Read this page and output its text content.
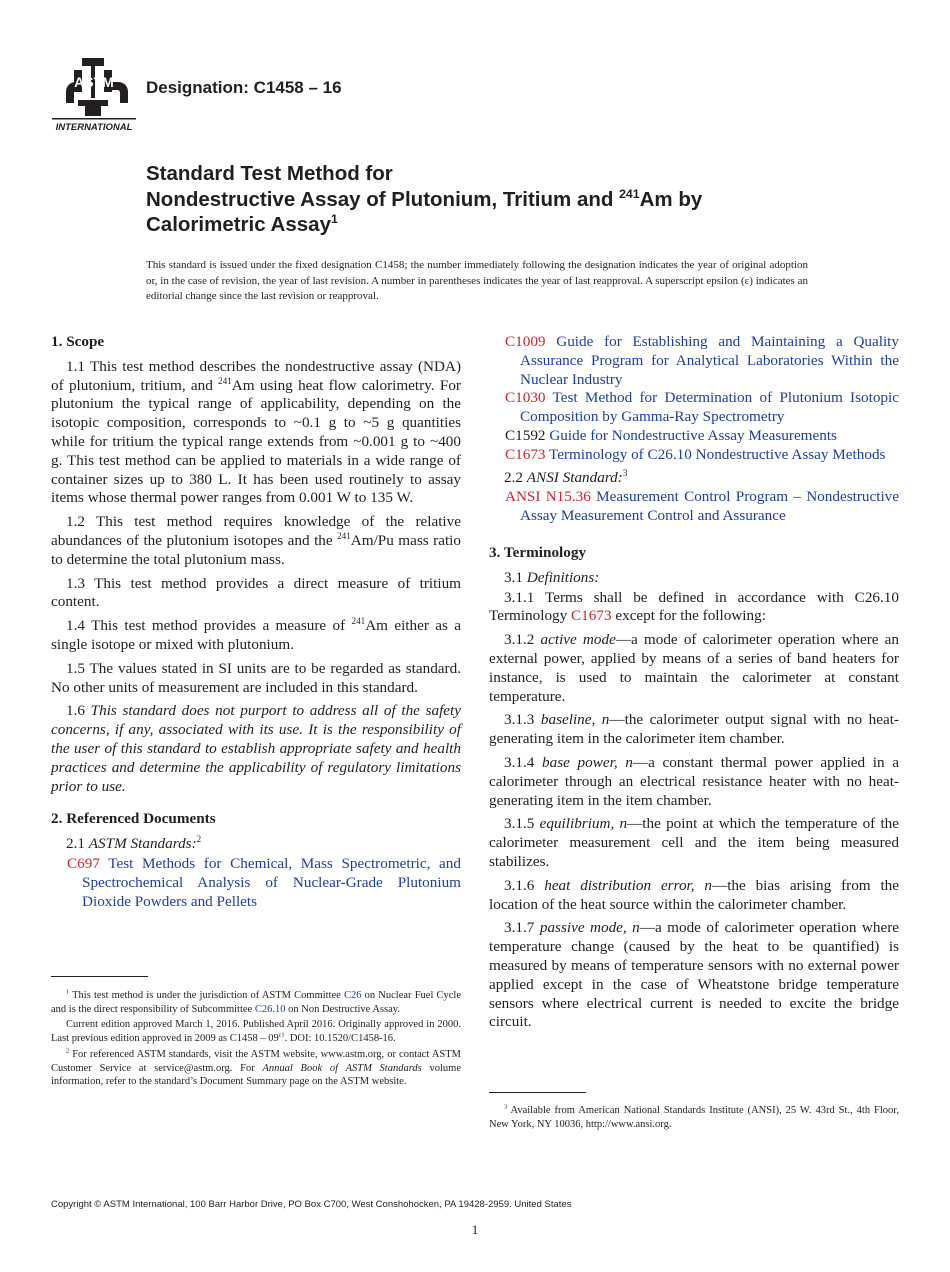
ASTM
INTERNATIONAL
Designation: C1458 – 16
Standard Test Method for
Nondestructive Assay of Plutonium, Tritium and $^{241}$Am by
Calorimetric Assay$^1$
This standard is issued under the fixed designation C1458; the number immediately following the designation indicates the year of original adoption or, in the case of revision, the year of last revision. A number in parentheses indicates the year of last reapproval. A superscript epsilon (ε) indicates an editorial change since the last revision or reapproval.
1. Scope

1.1 This test method describes the nondestructive assay (NDA) of plutonium, tritium, and $^{241}$Am using heat flow calorimetry. For plutonium the typical range of applicability, depending on the isotopic composition, corresponds to ~0.1 g to ~5 g quantities while for tritium the typical range extends from ~0.001 g to ~400 g. This test method can be applied to materials in a wide range of container sizes up to 380 L. It has been used routinely to assay items whose thermal power ranges from 0.001 W to 135 W.

1.2 This test method requires knowledge of the relative abundances of the plutonium isotopes and the $^{241}$Am/Pu mass ratio to determine the total plutonium mass.

1.3 This test method provides a direct measure of tritium content.

1.4 This test method provides a measure of $^{241}$Am either as a single isotope or mixed with plutonium.

1.5 The values stated in SI units are to be regarded as standard. No other units of measurement are included in this standard.

1.6 This standard does not purport to address all of the safety concerns, if any, associated with its use. It is the responsibility of the user of this standard to establish appropriate safety and health practices and determine the applicability of regulatory limitations prior to use.

2. Referenced Documents

2.1 ASTM Standards:$^2$

C697 Test Methods for Chemical, Mass Spectrometric, and Spectrochemical Analysis of Nuclear-Grade Plutonium Dioxide Powders and Pellets

C1009 Guide for Establishing and Maintaining a Quality Assurance Program for Analytical Laboratories Within the Nuclear Industry

C1030 Test Method for Determination of Plutonium Isotopic Composition by Gamma-Ray Spectrometry

C1592 Guide for Nondestructive Assay Measurements

C1673 Terminology of C26.10 Nondestructive Assay Methods

2.2 ANSI Standard:$^3$

ANSI N15.36 Measurement Control Program – Nondestructive Assay Measurement Control and Assurance

3. Terminology

3.1 Definitions:

3.1.1 Terms shall be defined in accordance with C26.10 Terminology C1673 except for the following:

3.1.2 active mode—a mode of calorimeter operation where an external power, applied by means of a series of band heaters for instance, is used to maintain the calorimeter at constant temperature.

3.1.3 baseline, n—the calorimeter output signal with no heat-generating item in the calorimeter item chamber.

3.1.4 base power, n—a constant thermal power applied in a calorimeter through an electrical resistance heater with no heat-generating item in the item chamber.

3.1.5 equilibrium, n—the point at which the temperature of the calorimeter measurement cell and the item being measured stabilizes.

3.1.6 heat distribution error, n—the bias arising from the location of the heat source within the calorimeter chamber.

3.1.7 passive mode, n—a mode of calorimeter operation where temperature change (caused by the heat to be quantified) is measured by means of temperature sensors with no external power applied except in the case of Wheatstone bridge temperature sensors where electrical current is needed to excite the bridge circuit.

$^1$ This test method is under the jurisdiction of ASTM Committee C26 on Nuclear Fuel Cycle and is the direct responsibility of Subcommittee C26.10 on Non Destructive Assay.

Current edition approved March 1, 2016. Published April 2016. Originally approved in 2000. Last previous edition approved in 2009 as $C1458 - 09^{\varepsilon 1}$. DOI: 10.1520/C1458-16.

$^2$ For referenced ASTM standards, visit the ASTM website, www.astm.org, or contact ASTM Customer Service at service@astm.org. For Annual Book of ASTM Standards volume information, refer to the standard’s Document Summary page on the ASTM website.

$^3$ Available from American National Standards Institute (ANSI), 25 W. 43rd St., 4th Floor, New York, NY 10036, http://www.ansi.org.

Copyright © ASTM International, 100 Barr Harbor Drive, PO Box C700, West Conshohocken, PA 19428-2959. United States
1
